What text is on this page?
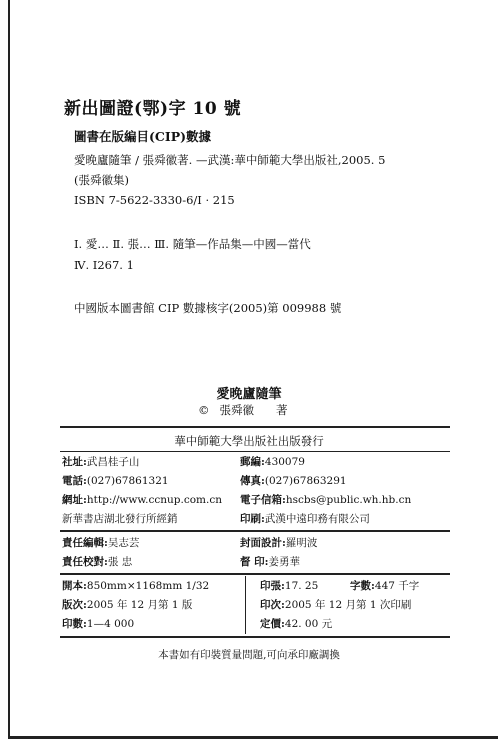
新出圖證(鄂)字 10 號
圖書在版編目(CIP)數據
愛晚廬隨筆 / 張舜徽著. —武漢:華中師範大學出版社,2005. 5
(張舜徽集)
ISBN 7-5622-3330-6/I · 215
Ⅰ. 愛… Ⅱ. 張… Ⅲ. 隨筆—作品集—中國—當代
Ⅳ. I267. 1
中國版本圖書館 CIP 數據核字(2005)第 009988 號
愛晚廬隨筆
© 張舜徽 著
華中師範大學出版社出版發行
社址:武昌桂子山	郵編:430079
電話:(027)67861321	傳真:(027)67863291
網址:http://www.ccnup.com.cn 電子信箱:hscbs@public.wh.hb.cn
新華書店湖北發行所經銷	印刷:武漢中遠印務有限公司
責任編輯:吴志芸	封面設計:羅明波
責任校對:張 忠	督 印:姜勇華
開本:850mm×1168mm 1/32	印張:17. 25	字數:447 千字
版次:2005 年 12 月第 1 版	印次:2005 年 12 月第 1 次印刷
印數:1—4 000	定價:42. 00 元
本書如有印裝質量問題,可向承印廠調換
